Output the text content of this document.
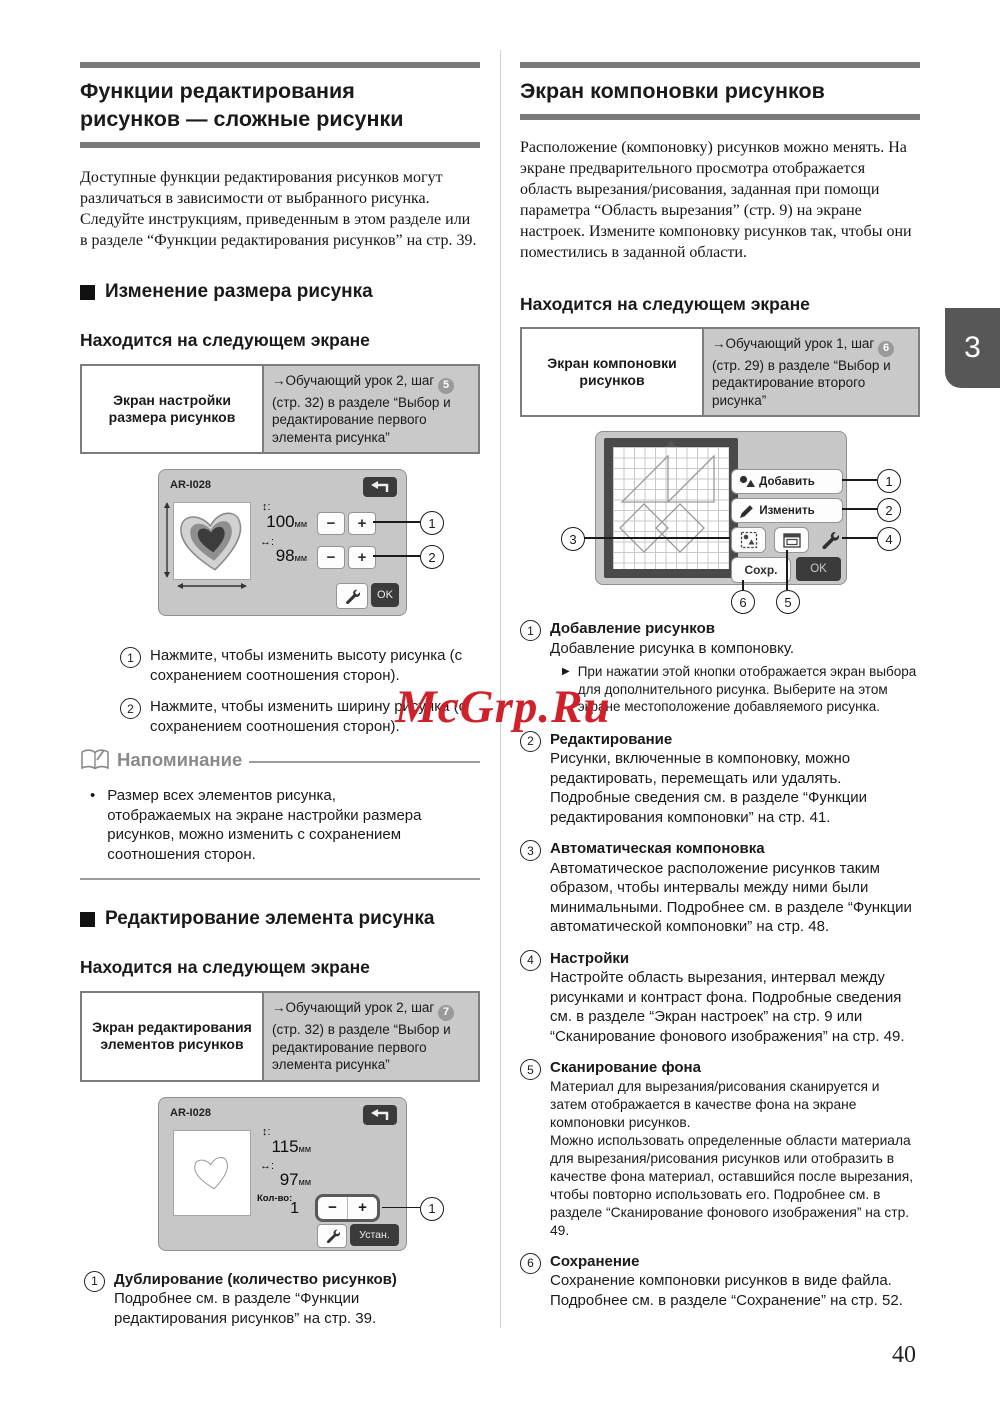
3
McGrp.Ru
40
Функции редактирования рисунков — сложные рисунки

Доступные функции редактирования рисунков могут различаться в зависимости от выбранного рисунка. Следуйте инструкциям, приведенным в этом разделе или в разделе “Функции редактирования рисунков” на стр. 39.

Изменение размера рисунка
Находится на следующем экране
Экран настройки размера рисунков
→Обучающий урок 2, шаг 5 (стр. 32) в разделе “Выбор и редактирование первого элемента рисунка”
AR-I028
↕:
100мм − +
↔:
98мм − +
OK
1
2
1	Нажмите, чтобы изменить высоту рисунка (с сохранением соотношения сторон).
2	Нажмите, чтобы изменить ширину рисунка (с сохранением соотношения сторон).
Напоминание
• Размер всех элементов рисунка, отображаемых на экране настройки размера рисунков, можно изменить с сохранением соотношения сторон.
Редактирование элемента рисунка
Находится на следующем экране
Экран редактирования элементов рисунков
→Обучающий урок 2, шаг 7 (стр. 32) в разделе “Выбор и редактирование первого элемента рисунка”
AR-I028
↕:
115мм
↔:
97мм
Кол-во:
1	−	+
Устан.
1
1	Дублирование (количество рисунков)
Подробнее см. в разделе “Функции редактирования рисунков” на стр. 39.
Экран компоновки рисунков

Расположение (компоновку) рисунков можно менять. На экране предварительного просмотра отображается область вырезания/рисования, заданная при помощи параметра “Область вырезания” (стр. 9) на экране настроек. Измените компоновку рисунков так, чтобы они поместились в заданной области.

Находится на следующем экране
Экран компоновки рисунков
→Обучающий урок 1, шаг 6 (стр. 29) в разделе “Выбор и редактирование второго рисунка”
Добавить
Изменить
Сохр.	OK
1
2
4
3
5
6
1	Добавление рисунков
Добавление рисунка в компоновку.
▶ При нажатии этой кнопки отображается экран выбора для дополнительного рисунка. Выберите на этом экране местоположение добавляемого рисунка.
2	Редактирование
Рисунки, включенные в компоновку, можно редактировать, перемещать или удалять. Подробные сведения см. в разделе “Функции редактирования компоновки” на стр. 41.
3	Автоматическая компоновка
Автоматическое расположение рисунков таким образом, чтобы интервалы между ними были минимальными. Подробнее см. в разделе “Функции автоматической компоновки” на стр. 48.
4	Настройки
Настройте область вырезания, интервал между рисунками и контраст фона. Подробные сведения см. в разделе “Экран настроек” на стр. 9 или “Сканирование фонового изображения” на стр. 49.
5	Сканирование фона
Материал для вырезания/рисования сканируется и затем отображается в качестве фона на экране компоновки рисунков.
Можно использовать определенные области материала для вырезания/рисования рисунков или отобразить в качестве фона материал, оставшийся после вырезания, чтобы повторно использовать его. Подробнее см. в разделе “Сканирование фонового изображения” на стр. 49.
6	Сохранение
Сохранение компоновки рисунков в виде файла. Подробнее см. в разделе “Сохранение” на стр. 52.
